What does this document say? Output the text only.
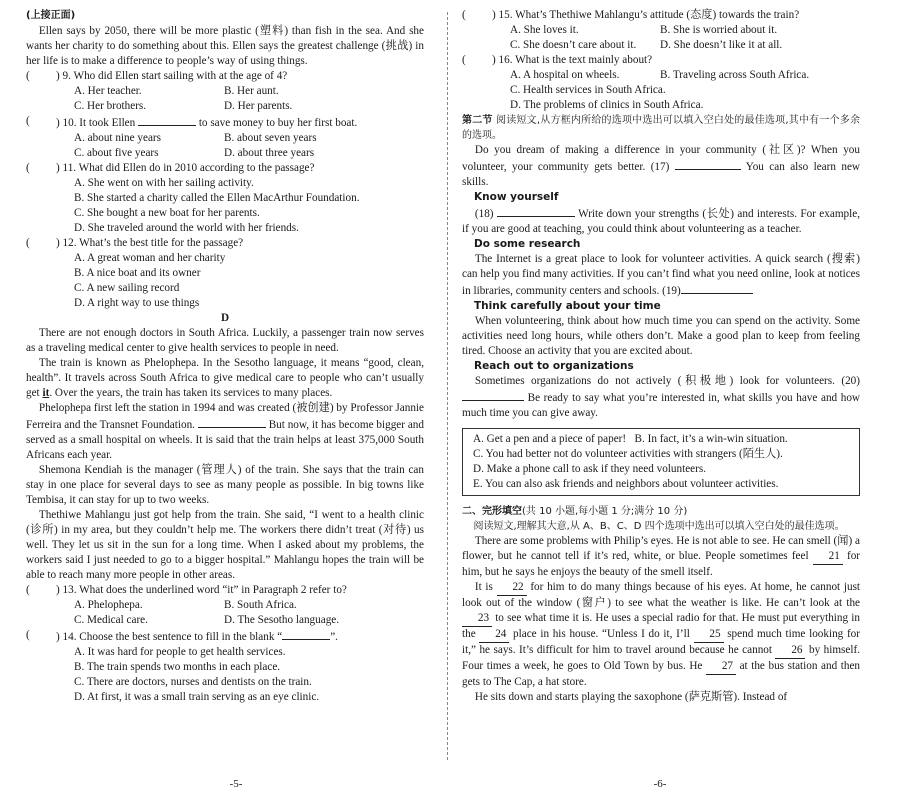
(上接正面)

Ellen says by 2050, there will be more plastic (塑料) than fish in the sea. And she wants her charity to do something about this. Ellen says the greatest challenge (挑战) in her life is to make a difference to people’s way of using things.

(	) 9. Who did Ellen start sailing with at the age of 4?
A. Her teacher.	B. Her aunt.
C. Her brothers.	D. Her parents.
(	) 10. It took Ellen	to save money to buy her first boat.
A. about nine years	B. about seven years
C. about five years	D. about three years
(	) 11. What did Ellen do in 2010 according to the passage?
A. She went on with her sailing activity.
B. She started a charity called the Ellen MacArthur Foundation.
C. She bought a new boat for her parents.
D. She traveled around the world with her friends.
(	) 12. What’s the best title for the passage?
A. A great woman and her charity
B. A nice boat and its owner
C. A new sailing record
D. A right way to use things
D

There are not enough doctors in South Africa. Luckily, a passenger train now serves as a traveling medical center to give health services to people in need.

The train is known as Phelophepa. In the Sesotho language, it means “good, clean, health”. It travels across South Africa to give medical care to people who can’t usually get it. Over the years, the train has taken its services to many places.

Phelophepa first left the station in 1994 and was created (被创建) by Professor Jannie Ferreira and the Transnet Foundation.	But now, it has become bigger and served as a small hospital on wheels. It is said that the train helps at least 375,000 South Africans each year.

Shemona Kendiah is the manager (管理人) of the train. She says that the train can stay in one place for several days to see as many people as possible. In big towns like Tembisa, it can stay for up to two weeks.

Thethiwe Mahlangu just got help from the train. She said, “I went to a health clinic (诊所) in my area, but they couldn’t help me. The workers there didn’t treat (对待) us well. They let us sit in the sun for a long time. When I asked about my problems, the workers said I just needed to go to a bigger hospital.” Mahlangu hopes the train will be able to reach many more people in other areas.

(	) 13. What does the underlined word “it” in Paragraph 2 refer to?
A. Phelophepa.	B. South Africa.
C. Medical care.	D. The Sesotho language.
(	) 14. Choose the best sentence to fill in the blank “	”.
A. It was hard for people to get health services.
B. The train spends two months in each place.
C. There are doctors, nurses and dentists on the train.
D. At first, it was a small train serving as an eye clinic.
(	) 15. What’s Thethiwe Mahlangu’s attitude (态度) towards the train?
A. She loves it.	B. She is worried about it.
C. She doesn’t care about it.	D. She doesn’t like it at all.
(	) 16. What is the text mainly about?
A. A hospital on wheels.	B. Traveling across South Africa.
C. Health services in South Africa.
D. The problems of clinics in South Africa.

第二节 阅读短文,从方框内所给的选项中选出可以填入空白处的最佳选项,其中有一个多余的选项。

Do you dream of making a difference in your community (社区)? When you volunteer, your community gets better. (17)	You can also learn new skills.

Know yourself

(18)	Write down your strengths (长处) and interests. For example, if you are good at teaching, you could think about volunteering as a teacher.

Do some research

The Internet is a great place to look for volunteer activities. A quick search (搜索) can help you find many activities. If you can’t find what you need online, look at notices in libraries, community centers and schools. (19)

Think carefully about your time

When volunteering, think about how much time you can spend on the activity. Some activities need long hours, while others don’t. Make a good plan to keep from feeling tired. Choose an activity that you are excited about.

Reach out to organizations

Sometimes organizations do not actively (积极地) look for volunteers. (20)  Be ready to say what you’re interested in, what skills you have and how much time you can give away.

A. Get a pen and a piece of paper! B. In fact, it’s a win-win situation.
C. You had better not do volunteer activities with strangers (陌生人).
D. Make a phone call to ask if they need volunteers.
E. You can also ask friends and neighbors about volunteer activities.
二、完形填空(共 10 小题,每小题 1 分;满分 10 分)

阅读短文,理解其大意,从 A、B、C、D 四个选项中选出可以填入空白处的最佳选项。

There are some problems with Philip’s eyes. He is not able to see. He can smell (闻) a flower, but he cannot tell if it’s red, white, or blue. People sometimes feel 21 for him, but he says he enjoys the beauty of the smell itself.

It is 22 for him to do many things because of his eyes. At home, he cannot just look out of the window (窗户) to see what the weather is like. He can’t look at the 23 to see what time it is. He uses a special radio for that. He must put everything in the 24 place in his house. “Unless I do it, I’ll 25 spend much time looking for it,” he says. It’s difficult for him to travel around because he cannot 26 by himself. Four times a week, he goes to Old Town by bus. He 27 at the bus station and then gets to The Cap, a hat store.

He sits down and starts playing the saxophone (萨克斯管). Instead of

-5-	-6-
